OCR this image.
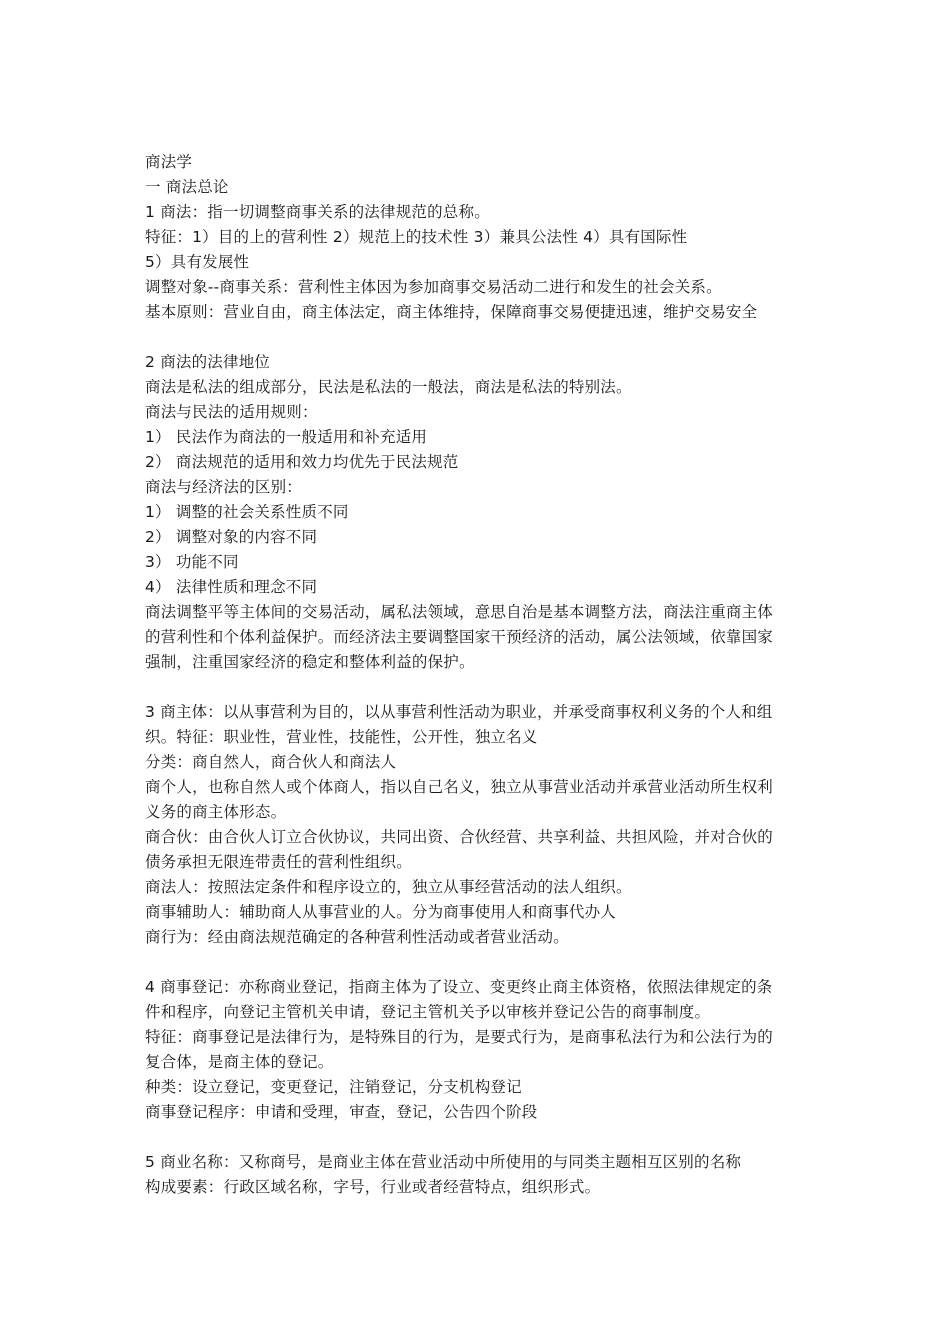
商法学
一 商法总论
1 商法：指一切调整商事关系的法律规范的总称。
特征：1）目的上的营利性 2）规范上的技术性 3）兼具公法性 4）具有国际性
5）具有发展性
调整对象--商事关系：营利性主体因为参加商事交易活动二进行和发生的社会关系。
基本原则：营业自由，商主体法定，商主体维持，保障商事交易便捷迅速，维护交易安全
2 商法的法律地位
商法是私法的组成部分，民法是私法的一般法，商法是私法的特别法。
商法与民法的适用规则：
1） 民法作为商法的一般适用和补充适用
2） 商法规范的适用和效力均优先于民法规范
商法与经济法的区别：
1） 调整的社会关系性质不同
2） 调整对象的内容不同
3） 功能不同
4） 法律性质和理念不同
商法调整平等主体间的交易活动，属私法领域，意思自治是基本调整方法，商法注重商主体
的营利性和个体利益保护。而经济法主要调整国家干预经济的活动，属公法领域，依靠国家
强制，注重国家经济的稳定和整体利益的保护。
3 商主体：以从事营利为目的，以从事营利性活动为职业，并承受商事权利义务的个人和组
织。特征：职业性，营业性，技能性，公开性，独立名义
分类：商自然人，商合伙人和商法人
商个人，也称自然人或个体商人，指以自己名义，独立从事营业活动并承营业活动所生权利
义务的商主体形态。
商合伙：由合伙人订立合伙协议，共同出资、合伙经营、共享利益、共担风险，并对合伙的
债务承担无限连带责任的营利性组织。
商法人：按照法定条件和程序设立的，独立从事经营活动的法人组织。
商事辅助人：辅助商人从事营业的人。分为商事使用人和商事代办人
商行为：经由商法规范确定的各种营利性活动或者营业活动。
4 商事登记：亦称商业登记，指商主体为了设立、变更终止商主体资格，依照法律规定的条
件和程序，向登记主管机关申请，登记主管机关予以审核并登记公告的商事制度。
特征：商事登记是法律行为，是特殊目的行为，是要式行为，是商事私法行为和公法行为的
复合体，是商主体的登记。
种类：设立登记，变更登记，注销登记，分支机构登记
商事登记程序：申请和受理，审查，登记，公告四个阶段
5 商业名称：又称商号，是商业主体在营业活动中所使用的与同类主题相互区别的名称
构成要素：行政区域名称，字号，行业或者经营特点，组织形式。
